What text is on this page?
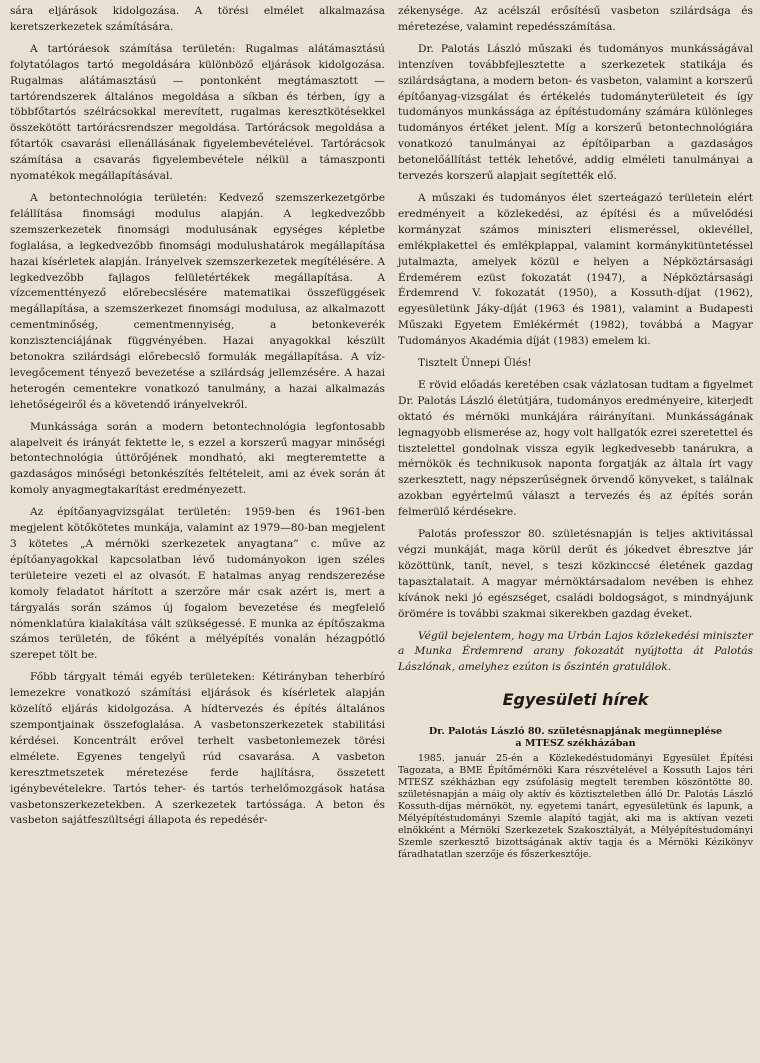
sára eljárások kidolgozása. A törési elmélet alkalmazása keretszerkezetek számítására.

A tartóráesok számítása területén: Rugalmas alátámasztású folytatólagos tartó megoldására különböző eljárások kidolgozása. Rugalmas alátámasztású — pontonként megtámasztott — tartórendszerek általános megoldása a síkban és térben, így a többfőtartós szélrácsokkal merevített, rugalmas keresztkötésekkel összekötött tartórácsrendszer megoldása. Tartórácsok megoldása a főtartók csavarási ellenállásának figyelembevételével. Tartórácsok számítása a csavarás figyelembevétele nélkül a támaszponti nyomatékok megállapításával.

A betontechnológia területén: Kedvező szemszerkezetgörbe felállítása finomsági modulus alapján. A legkedvezőbb szemszerkezetek finomsági modulusának egységes képletbe foglalása, a legkedvezőbb finomsági modulushatárok megállapítása hazai kísérletek alapján. Irányelvek szemszerkezetek megítélésére. A legkedvezőbb fajlagos felületértékek megállapítása. A vízcementtényező előrebecslésére matematikai összefüggések megállapítása, a szemszerkezet finomsági modulusa, az alkalmazott cementminőség, cementmennyiség, a betonkeverék konzisztenciájának függvényében. Hazai anyagokkal készült betonokra szilárdsági előrebecslő formulák megállapítása. A víz-levegőcement tényező bevezetése a szilárdság jellemzésére. A hazai heterogén cementekre vonatkozó tanulmány, a hazai alkalmazás lehetőségeiről és a követendő irányelvekről.

Munkássága során a modern betontechnológia legfontosabb alapelveit és irányát fektette le, s ezzel a korszerű magyar minőségi betontechnológia úttörőjének mondható, aki megteremtette a gazdaságos minőségi betonkészítés feltételeit, ami az évek során át komoly anyagmegtakarítást eredményezett.

Az építőanyagvizsgálat területén: 1959-ben és 1961-ben megjelent kötőkötetes munkája, valamint az 1979—80-ban megjelent 3 kötetes „A mérnöki szerkezetek anyagtana” c. műve az építőanyagokkal kapcsolatban lévő tudományokon igen széles területeire vezeti el az olvasót. E hatalmas anyag rendszerezése komoly feladatot hárított a szerzőre már csak azért is, mert a tárgyalás során számos új fogalom bevezetése és megfelelő nómenklatúra kialakítása vált szükségessé. E munka az építőszakma számos területén, de főként a mélyépítés vonalán hézagpótló szerepet tölt be.

Főbb tárgyalt témái egyéb területeken: Kétirányban teherbíró lemezekre vonatkozó számítási eljárások és kísérletek alapján közelítő eljárás kidolgozása. A hídtervezés és építés általános szempontjainak összefoglalása. A vasbetonszerkezetek stabilitási kérdései. Koncentrált erővel terhelt vasbetonlemezek törési elmélete. Egyenes tengelyű rúd csavarása. A vasbeton keresztmetszetek méretezése ferde hajlításra, összetett igénybevételekre. Tartós teher- és tartós terhelőmozgások hatása vasbetonszerkezetekben. A szerkezetek tartóssága. A beton és vasbeton sajátfeszültségi állapota és repedésér-

zékenysége. Az acélszál erősítésű vasbeton szilárdsága és méretezése, valamint repedésszámítása.

Dr. Palotás László műszaki és tudományos munkásságával intenzíven továbbfejlesztette a szerkezetek statikája és szilárdságtana, a modern beton- és vasbeton, valamint a korszerű építőanyag-vizsgálat és értékelés tudományterületeit és így tudományos munkássága az építéstudomány számára különleges tudományos értéket jelent. Míg a korszerű betontechnológiára vonatkozó tanulmányai az építőiparban a gazdaságos betonelőállítást tették lehetővé, addig elméleti tanulmányai a tervezés korszerű alapjait segítették elő.

A műszaki és tudományos élet szerteágazó területein elért eredményeit a közlekedési, az építési és a művelődési kormányzat számos miniszteri elismeréssel, oklevéllel, emlékplakettel és emlékplappal, valamint kormánykitüntetéssel jutalmazta, amelyek közül e helyen a Népköztársasági Érdemérem ezüst fokozatát (1947), a Népköztársasági Érdemrend V. fokozatát (1950), a Kossuth-díjat (1962), egyesületünk Jáky-díját (1963 és 1981), valamint a Budapesti Műszaki Egyetem Emlékérmét (1982), továbbá a Magyar Tudományos Akadémia díját (1983) emelem ki.

Tisztelt Ünnepi Ülés!

E rövid előadás keretében csak vázlatosan tudtam a figyelmet Dr. Palotás László életútjára, tudományos eredményeire, kiterjedt oktató és mérnöki munkájára ráirányítani. Munkásságának legnagyobb elismerése az, hogy volt hallgatók ezrei szeretettel és tisztelettel gondolnak vissza egyik legkedvesebb tanárukra, a mérnökök és technikusok naponta forgatják az általa írt vagy szerkesztett, nagy népszerűségnek örvendő könyveket, s találnak azokban egyértelmű választ a tervezés és az építés során felmerülő kérdésekre.

Palotás professzor 80. születésnapján is teljes aktivitással végzi munkáját, maga körül derűt és jókedvet ébresztve jár közöttünk, tanít, nevel, s teszi közkinccsé életének gazdag tapasztalatait. A magyar mérnöktársadalom nevében is ehhez kívánok neki jó egészséget, családi boldogságot, s mindnyájunk örömére is további szakmai sikerekben gazdag éveket.

Végül bejelentem, hogy ma Urbán Lajos közlekedési miniszter a Munka Érdemrend arany fokozatát nyújtotta át Palotás Lászlónak, amelyhez ezúton is őszintén gratulálok.

Egyesületi hírek
Dr. Palotás László 80. születésnapjának megünneplése
a MTESZ székházában

1985. január 25-én a Közlekedéstudományi Egyesület Építési Tagozata, a BME Építőmérnöki Kara részvételével a Kossuth Lajos téri MTESZ székházban egy zsúfolásig megtelt teremben köszöntötte 80. születésnapján a máig oly aktív és köztiszteletben álló Dr. Palotás László Kossuth-díjas mérnököt, ny. egyetemi tanárt, egyesületünk és lapunk, a Mélyépítéstudományi Szemle alapító tagját, aki ma is aktívan vezeti elnökként a Mérnöki Szerkezetek Szakosztályát, a Mélyépítéstudományi Szemle szerkesztő bizottságának aktív tagja és a Mérnöki Kézikönyv fáradhatatlan szerzője és főszerkesztője.
